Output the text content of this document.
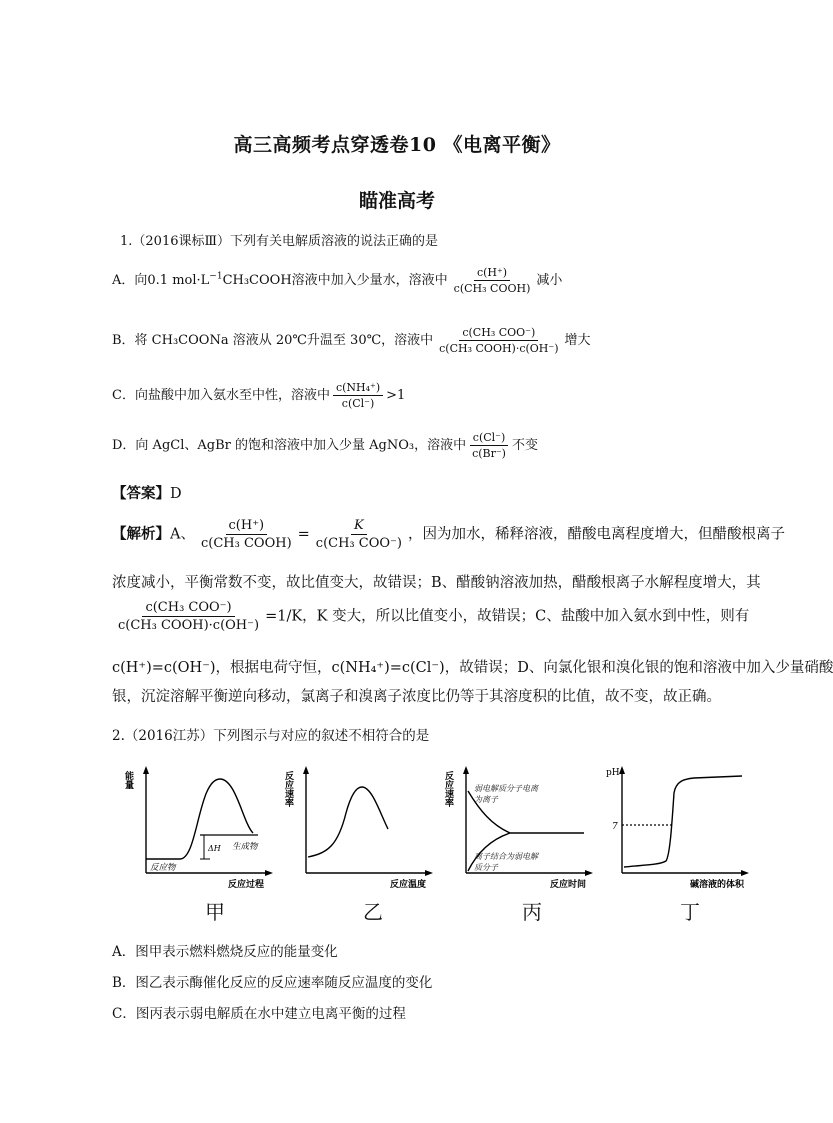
高三高频考点穿透卷10 《电离平衡》
瞄准高考
1.（2016课标Ⅲ）下列有关电解质溶液的说法正确的是
A．向0.1 $mol\cdot L^{-1}CH_3COOH$溶液中加入少量水，溶液中 $\frac{c(H^+)}{\text{c(CH₃ COOH)}}$ 减小
B．将 CH₃COONa 溶液从 20℃升温至 30℃，溶液中 $\frac{\text{c(CH₃ COO⁻)}}{\text{c(CH₃ COOH)·c(OH⁻)}}$ 增大
C．向盐酸中加入氨水至中性，溶液中 $\frac{\text{c(NH₄⁺)}}{c(Cl^-)} >1$
D．向 AgCl、AgBr 的饱和溶液中加入少量 AgNO₃，溶液中 $\frac{c(Cl^-)}{c(Br^-)}$ 不变
【答案】D
【解析】A、 $\frac{c(H^+)}{\text{c(CH₃ COOH)}} = \frac{K}{\text{c(CH₃ COO⁻)}}$ ，因为加水，稀释溶液，醋酸电离程度增大，但醋酸根离子
浓度减小，平衡常数不变，故比值变大，故错误；B、醋酸钠溶液加热，醋酸根离子水解程度增大，其
$\frac{\text{c(CH₃ COO⁻)}}{\text{c(CH₃ COOH)·c(OH⁻)}} =1/K$，K 变大，所以比值变小，故错误；C、盐酸中加入氨水到中性，则有
c(H⁺)=c(OH⁻)，根据电荷守恒，c(NH₄⁺)=c(Cl⁻)，故错误；D、向氯化银和溴化银的饱和溶液中加入少量硝酸
银，沉淀溶解平衡逆向移动，氯离子和溴离子浓度比仍等于其溶度积的比值，故不变，故正确。
2.（2016江苏）下列图示与对应的叙述不相符合的是
能量
反应物
生成物
ΔH
反应过程
反应速率
反应温度
反应速率	弱电解质分子电离为离子
离子结合为弱电解质分子
反应时间
pH
7
碱溶液的体积
甲	乙	丙	丁
A．图甲表示燃料燃烧反应的能量变化
B．图乙表示酶催化反应的反应速率随反应温度的变化
C．图丙表示弱电解质在水中建立电离平衡的过程
